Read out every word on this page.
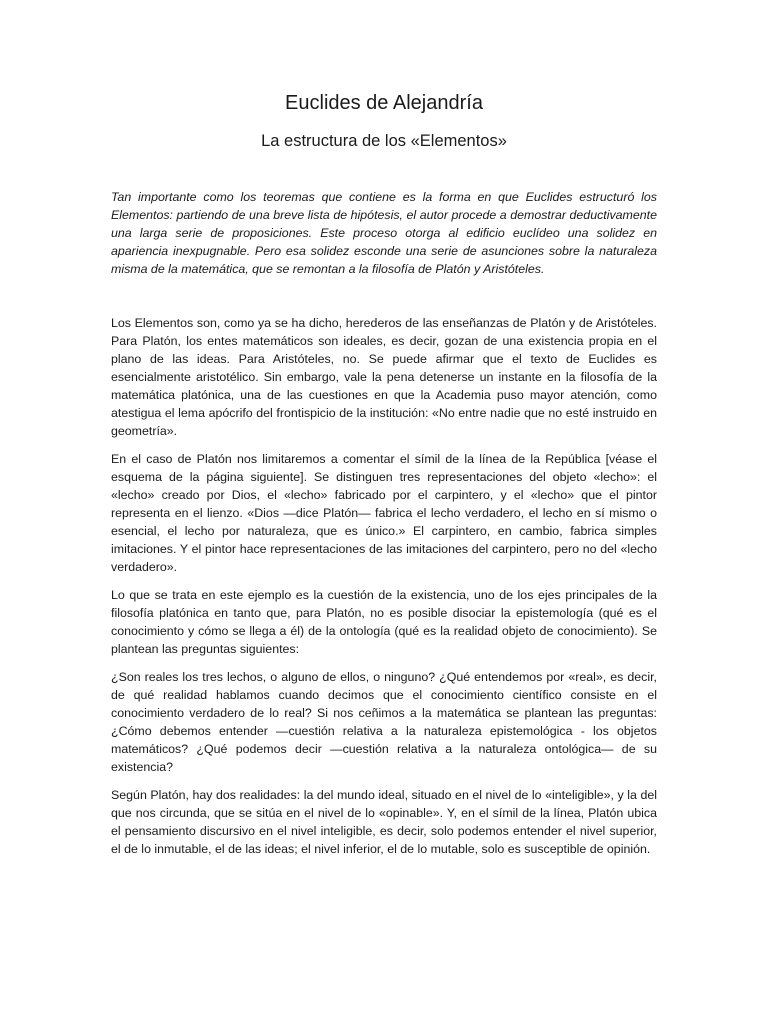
Euclides de Alejandría
La estructura de los «Elementos»
Tan importante como los teoremas que contiene es la forma en que Euclides estructuró los Elementos: partiendo de una breve lista de hipótesis, el autor procede a demostrar deductivamente una larga serie de proposiciones. Este proceso otorga al edificio euclídeo una solidez en apariencia inexpugnable. Pero esa solidez esconde una serie de asunciones sobre la naturaleza misma de la matemática, que se remontan a la filosofía de Platón y Aristóteles.

Los Elementos son, como ya se ha dicho, herederos de las enseñanzas de Platón y de Aristóteles. Para Platón, los entes matemáticos son ideales, es decir, gozan de una existencia propia en el plano de las ideas. Para Aristóteles, no. Se puede afirmar que el texto de Euclides es esencialmente aristotélico. Sin embargo, vale la pena detenerse un instante en la filosofía de la matemática platónica, una de las cuestiones en que la Academia puso mayor atención, como atestigua el lema apócrifo del frontispicio de la institución: «No entre nadie que no esté instruido en geometría».

En el caso de Platón nos limitaremos a comentar el símil de la línea de la República [véase el esquema de la página siguiente]. Se distinguen tres representaciones del objeto «lecho»: el «lecho» creado por Dios, el «lecho» fabricado por el carpintero, y el «lecho» que el pintor representa en el lienzo. «Dios —dice Platón— fabrica el lecho verdadero, el lecho en sí mismo o esencial, el lecho por naturaleza, que es único.» El carpintero, en cambio, fabrica simples imitaciones. Y el pintor hace representaciones de las imitaciones del carpintero, pero no del «lecho verdadero».

Lo que se trata en este ejemplo es la cuestión de la existencia, uno de los ejes principales de la filosofía platónica en tanto que, para Platón, no es posible disociar la epistemología (qué es el conocimiento y cómo se llega a él) de la ontología (qué es la realidad objeto de conocimiento). Se plantean las preguntas siguientes:

¿Son reales los tres lechos, o alguno de ellos, o ninguno? ¿Qué entendemos por «real», es decir, de qué realidad hablamos cuando decimos que el conocimiento científico consiste en el conocimiento verdadero de lo real? Si nos ceñimos a la matemática se plantean las preguntas: ¿Cómo debemos entender —cuestión relativa a la naturaleza epistemológica - los objetos matemáticos? ¿Qué podemos decir —cuestión relativa a la naturaleza ontológica— de su existencia?

Según Platón, hay dos realidades: la del mundo ideal, situado en el nivel de lo «inteligible», y la del que nos circunda, que se sitúa en el nivel de lo «opinable». Y, en el símil de la línea, Platón ubica el pensamiento discursivo en el nivel inteligible, es decir, solo podemos entender el nivel superior, el de lo inmutable, el de las ideas; el nivel inferior, el de lo mutable, solo es susceptible de opinión.
